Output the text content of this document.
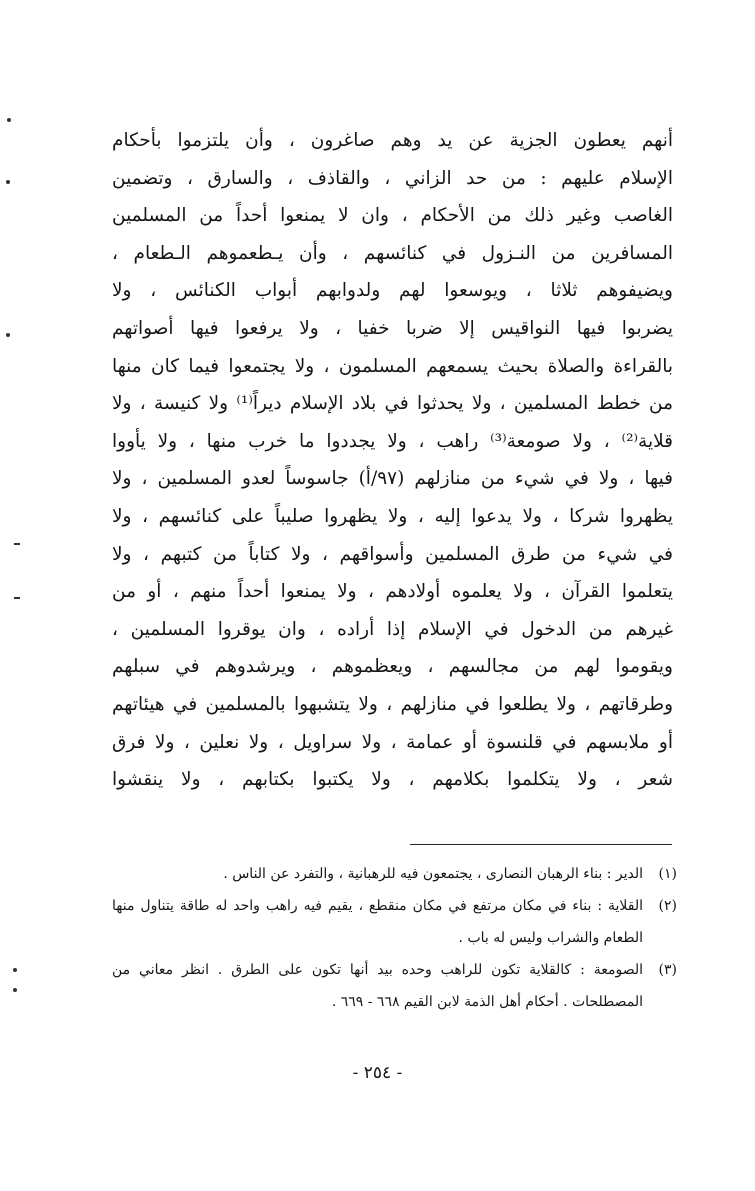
أنهم يعطون الجزية عن يد وهم صاغرون ، وأن يلتزموا بأحكام
الإسلام عليهم : من حد الزاني ، والقاذف ، والسارق ، وتضمين
الغاصب وغير ذلك من الأحكام ، وان لا يمنعوا أحداً من المسلمين
المسافرين من النـزول في كنائسهم ، وأن يـطعموهم الـطعام ،
ويضيفوهم ثلاثا ، ويوسعوا لهم ولدوابهم أبواب الكنائس ، ولا
يضربوا فيها النواقيس إلا ضربا خفيا ، ولا يرفعوا فيها أصواتهم
بالقراءة والصلاة بحيث يسمعهم المسلمون ، ولا يجتمعوا فيما كان منها
من خطط المسلمين ، ولا يحدثوا في بلاد الإسلام ديراً⁽¹⁾ ولا كنيسة ، ولا
قلاية⁽²⁾ ، ولا صومعة⁽³⁾ راهب ، ولا يجددوا ما خرب منها ، ولا يأووا
فيها ، ولا في شيء من منازلهم (٩٧/أ) جاسوساً لعدو المسلمين ، ولا
يظهروا شركا ، ولا يدعوا إليه ، ولا يظهروا صليباً على كنائسهم ، ولا
في شيء من طرق المسلمين وأسواقهم ، ولا كتاباً من كتبهم ، ولا
يتعلموا القرآن ، ولا يعلموه أولادهم ، ولا يمنعوا أحداً منهم ، أو من
غيرهم من الدخول في الإسلام إذا أراده ، وان يوقروا المسلمين ،
ويقوموا لهم من مجالسهم ، ويعظموهم ، ويرشدوهم في سبلهم
وطرقاتهم ، ولا يطلعوا في منازلهم ، ولا يتشبهوا بالمسلمين في هيئاتهم
أو ملابسهم في قلنسوة أو عمامة ، ولا سراويل ، ولا نعلين ، ولا فرق
شعر ، ولا يتكلموا بكلامهم ، ولا يكتبوا بكتابهم ، ولا ينقشوا
(١)
الدير : بناء الرهبان النصارى ، يجتمعون فيه للرهبانية ، والتفرد عن الناس .
(٢)
القلاية : بناء في مكان مرتفع في مكان منقطع ، يقيم فيه راهب واحد له طاقة يتناول منها
الطعام والشراب وليس له باب .
(٣)
الصومعة : كالقلاية تكون للراهب وحده بيد أنها تكون على الطرق . انظر معاني من
المصطلحات . أحكام أهل الذمة لابن القيم ٦٦٨ - ٦٦٩ .
- ٢٥٤ -
